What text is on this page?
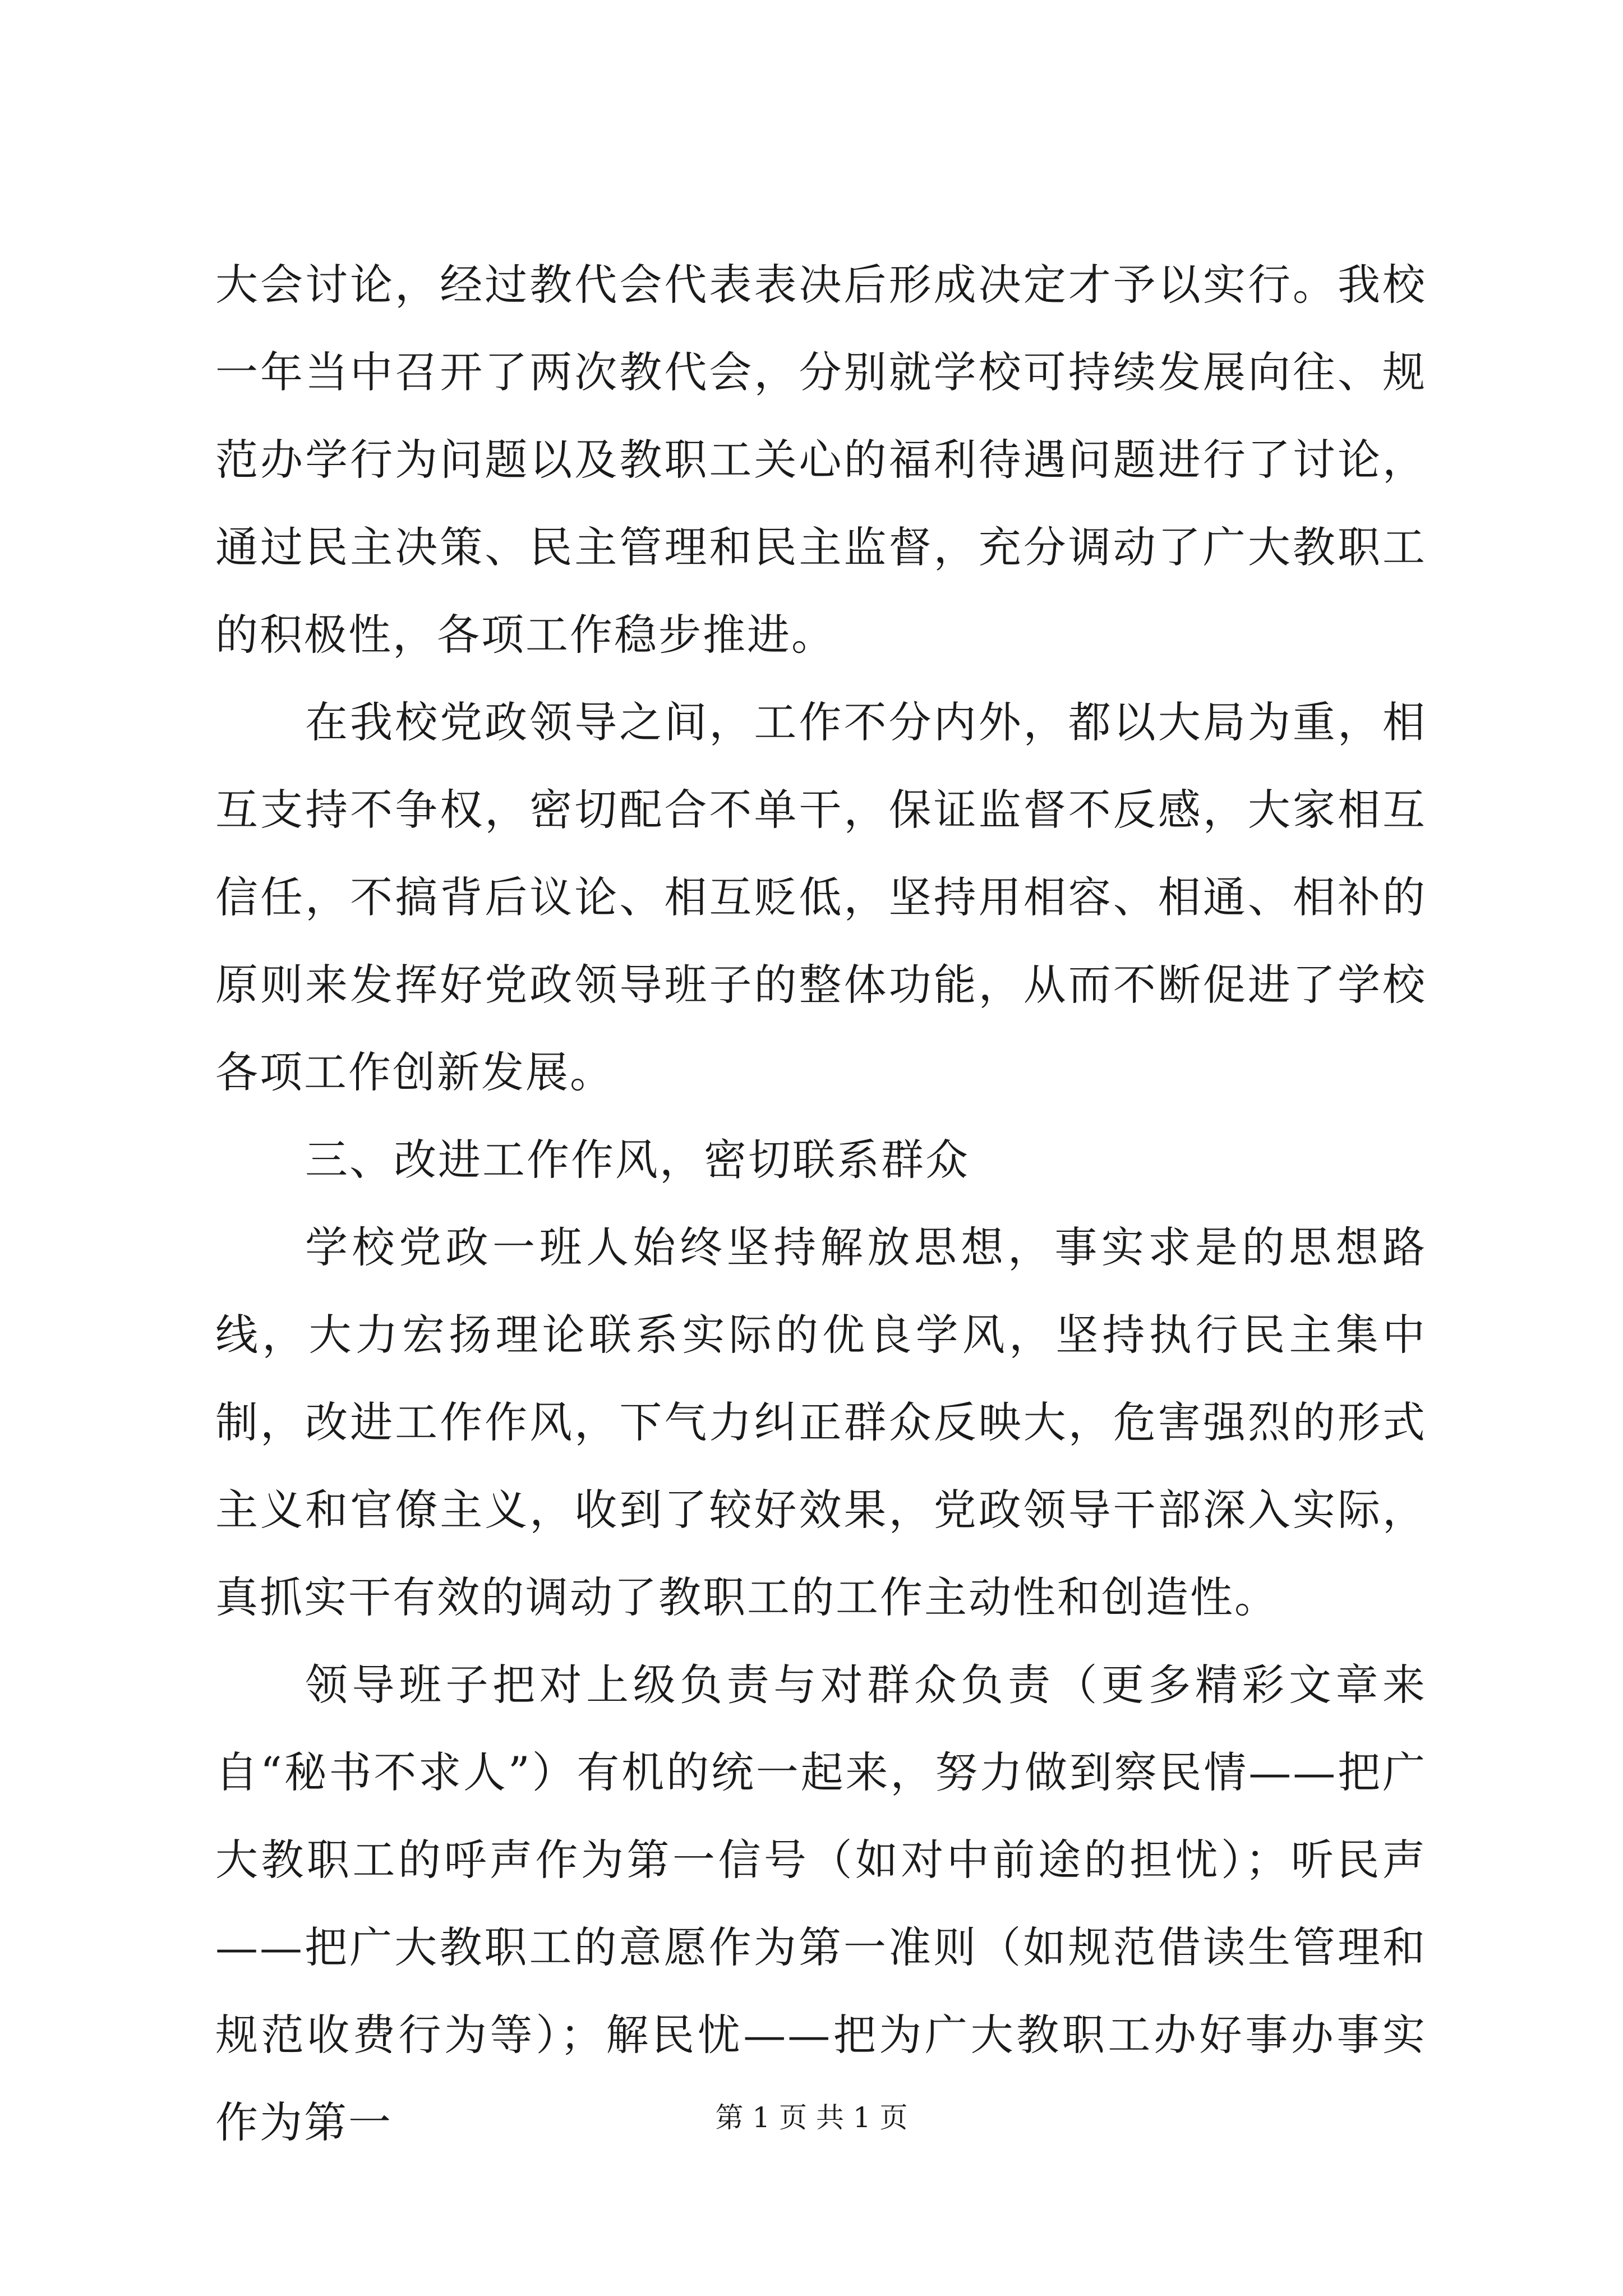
大会讨论，经过教代会代表表决后形成决定才予以实行。我校一年当中召开了两次教代会，分别就学校可持续发展向往、规范办学行为问题以及教职工关心的福利待遇问题进行了讨论，通过民主决策、民主管理和民主监督，充分调动了广大教职工的积极性，各项工作稳步推进。

在我校党政领导之间，工作不分内外，都以大局为重，相互支持不争权，密切配合不单干，保证监督不反感，大家相互信任，不搞背后议论、相互贬低，坚持用相容、相通、相补的原则来发挥好党政领导班子的整体功能，从而不断促进了学校各项工作创新发展。

三、改进工作作风，密切联系群众

学校党政一班人始终坚持解放思想，事实求是的思想路线，大力宏扬理论联系实际的优良学风，坚持执行民主集中制，改进工作作风，下气力纠正群众反映大，危害强烈的形式主义和官僚主义，收到了较好效果，党政领导干部深入实际，真抓实干有效的调动了教职工的工作主动性和创造性。

领导班子把对上级负责与对群众负责（更多精彩文章来自“秘书不求人”）有机的统一起来，努力做到察民情——把广大教职工的呼声作为第一信号（如对中前途的担忧）；听民声——把广大教职工的意愿作为第一准则（如规范借读生管理和规范收费行为等）；解民忧——把为广大教职工办好事办事实作为第一	第 1 页 共 1 页
